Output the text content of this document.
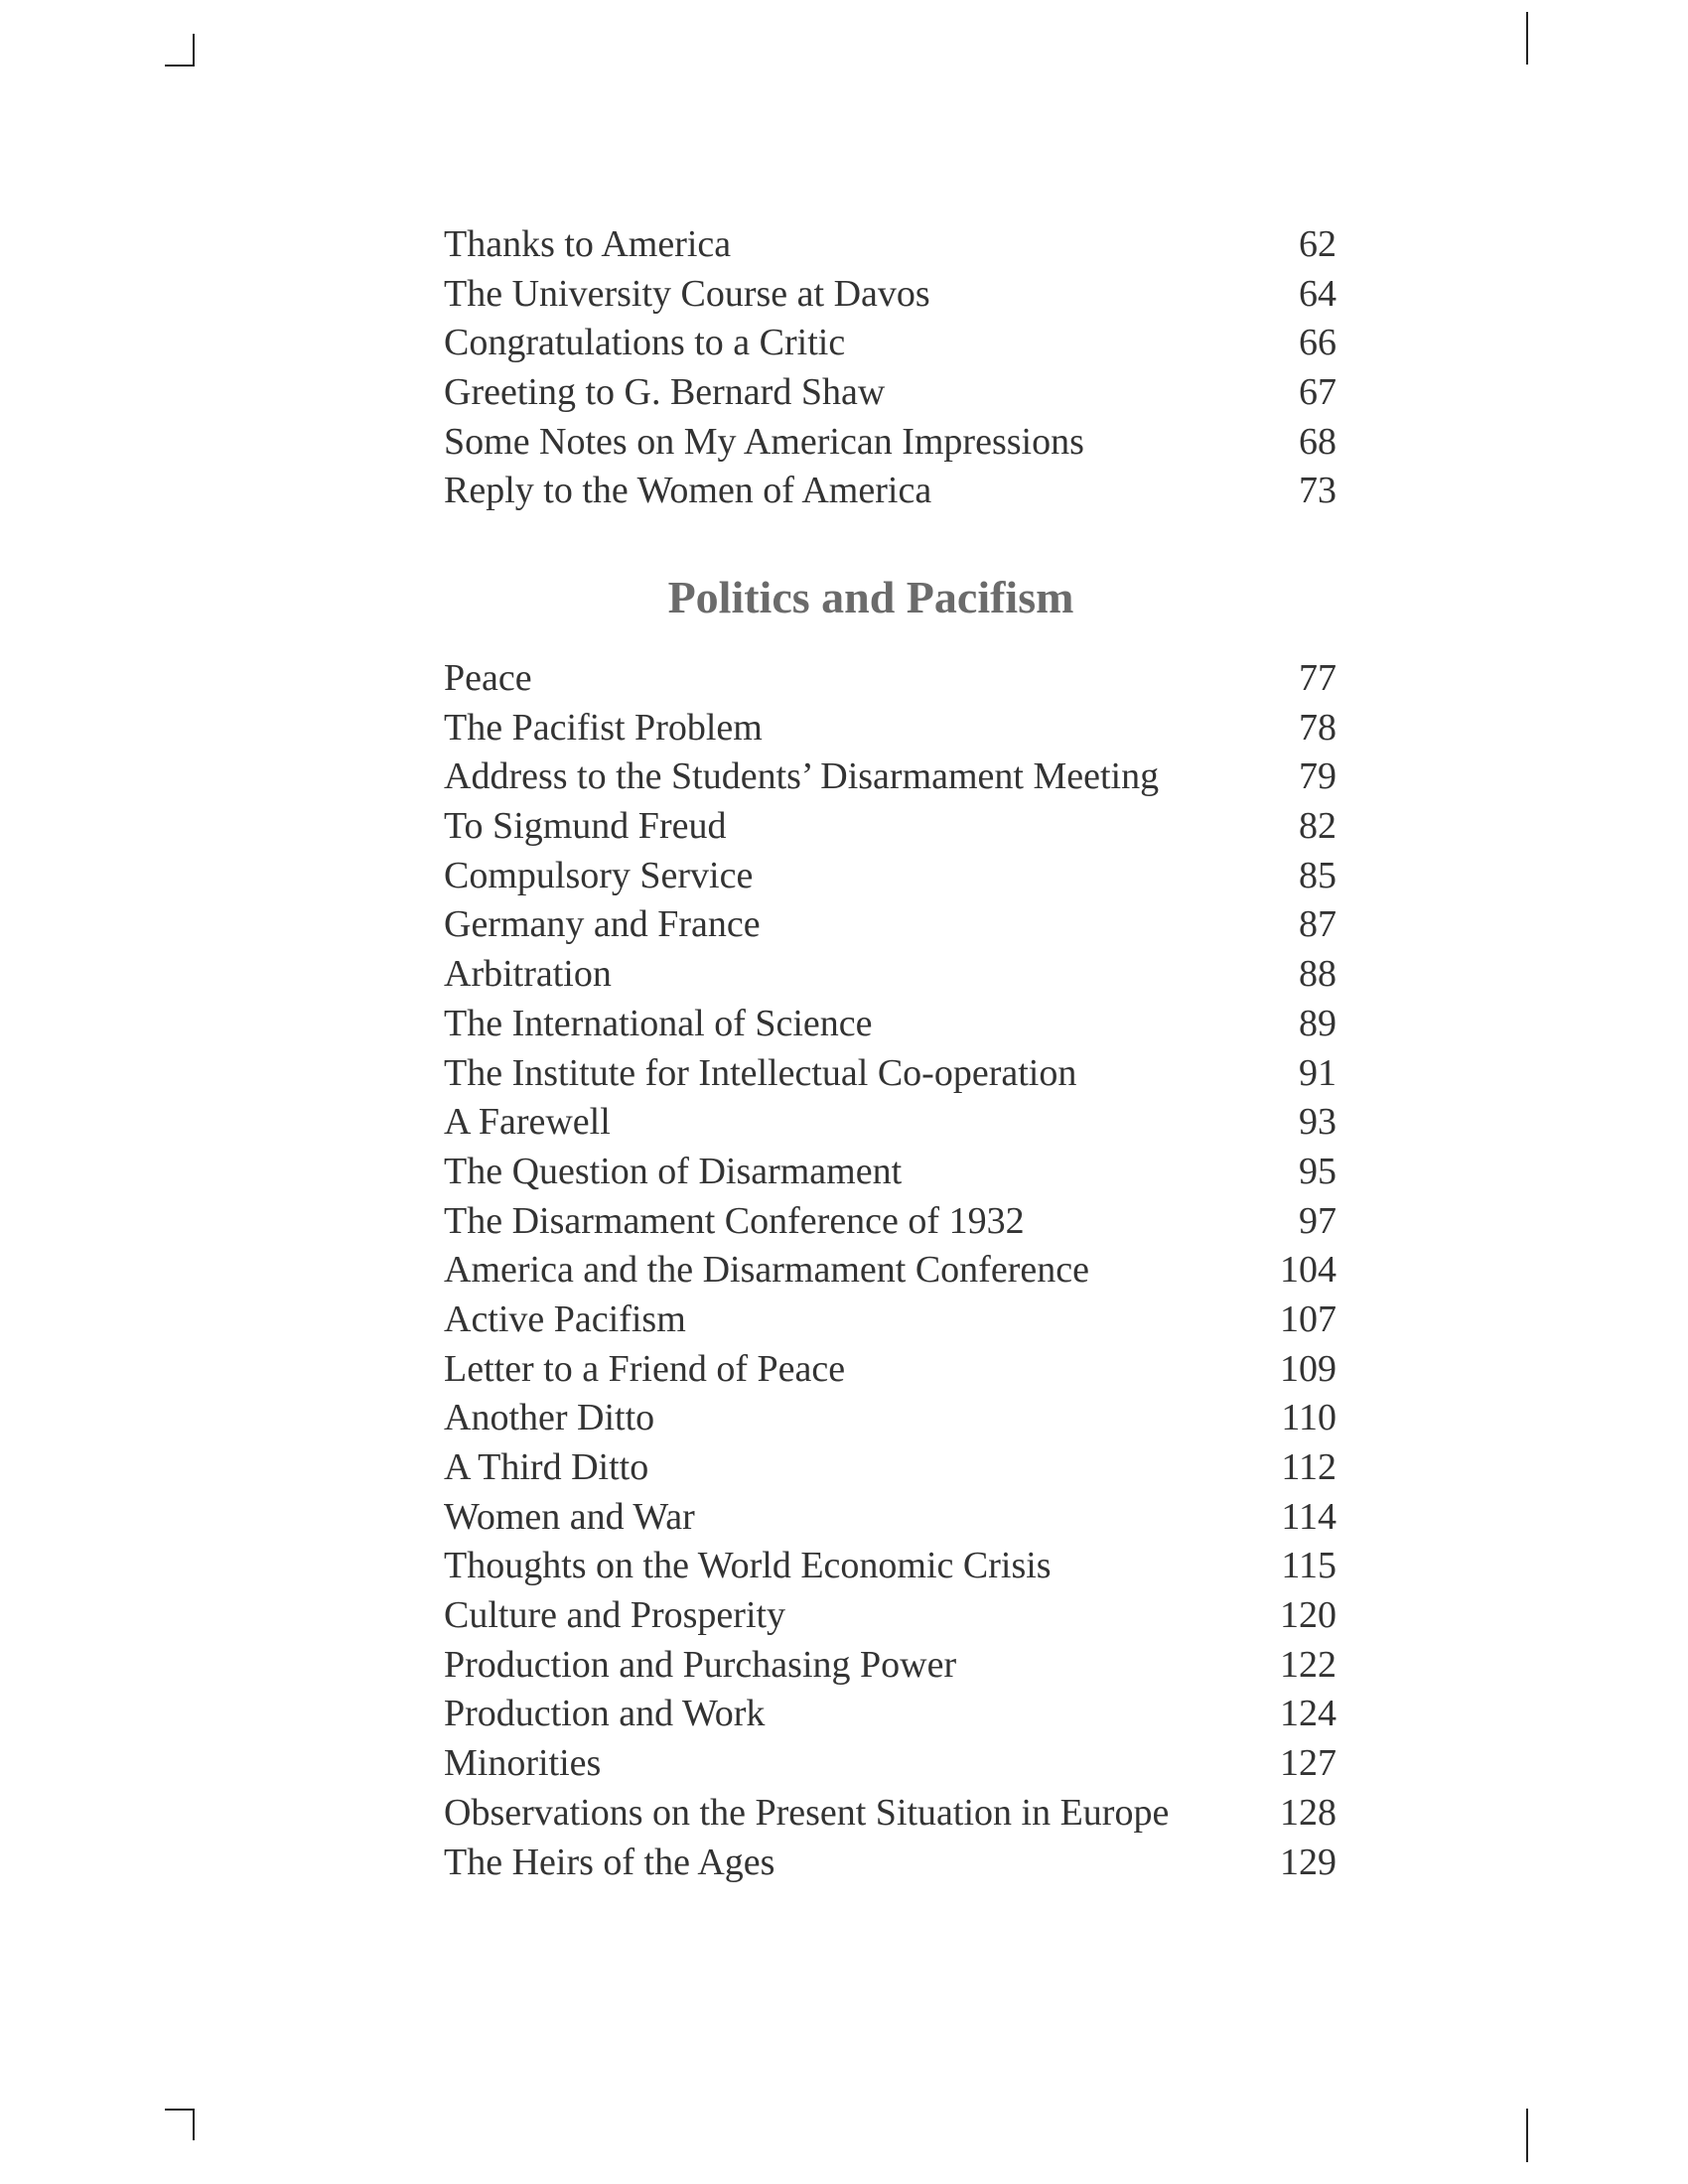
Thanks to America	62
The University Course at Davos	64
Congratulations to a Critic	66
Greeting to G. Bernard Shaw	67
Some Notes on My American Impressions	68
Reply to the Women of America	73
Politics and Pacifism
Peace	77
The Pacifist Problem	78
Address to the Students’ Disarmament Meeting	79
To Sigmund Freud	82
Compulsory Service	85
Germany and France	87
Arbitration	88
The International of Science	89
The Institute for Intellectual Co-operation	91
A Farewell	93
The Question of Disarmament	95
The Disarmament Conference of 1932	97
America and the Disarmament Conference	104
Active Pacifism	107
Letter to a Friend of Peace	109
Another Ditto	110
A Third Ditto	112
Women and War	114
Thoughts on the World Economic Crisis	115
Culture and Prosperity	120
Production and Purchasing Power	122
Production and Work	124
Minorities	127
Observations on the Present Situation in Europe	128
The Heirs of the Ages	129
